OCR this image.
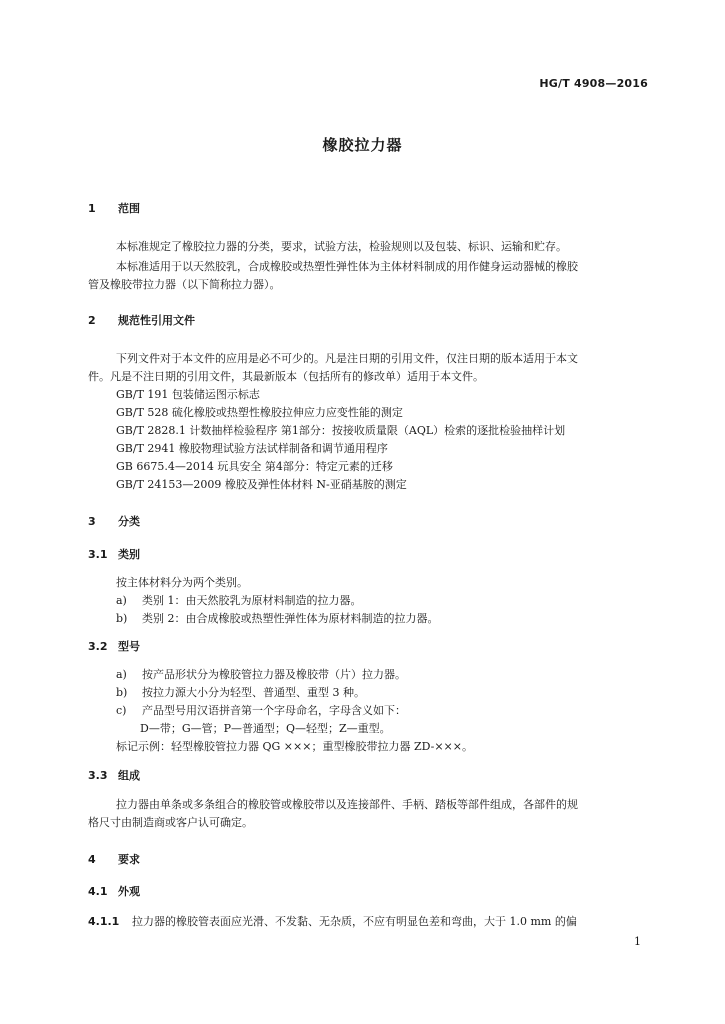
HG/T 4908—2016
橡胶拉力器
1 范围
本标准规定了橡胶拉力器的分类，要求，试验方法，检验规则以及包装、标识、运输和贮存。
本标准适用于以天然胶乳，合成橡胶或热塑性弹性体为主体材料制成的用作健身运动器械的橡胶
管及橡胶带拉力器（以下简称拉力器）。
2 规范性引用文件
下列文件对于本文件的应用是必不可少的。凡是注日期的引用文件，仅注日期的版本适用于本文
件。凡是不注日期的引用文件，其最新版本（包括所有的修改单）适用于本文件。
GB/T 191 包装储运图示标志
GB/T 528 硫化橡胶或热塑性橡胶拉伸应力应变性能的测定
GB/T 2828.1 计数抽样检验程序 第1部分：按接收质量限（AQL）检索的逐批检验抽样计划
GB/T 2941 橡胶物理试验方法试样制备和调节通用程序
GB 6675.4—2014 玩具安全 第4部分：特定元素的迁移
GB/T 24153—2009 橡胶及弹性体材料 N-亚硝基胺的测定
3 分类
3.1 类别
按主体材料分为两个类别。
a) 类别 1：由天然胶乳为原材料制造的拉力器。
b) 类别 2：由合成橡胶或热塑性弹性体为原材料制造的拉力器。
3.2 型号
a) 按产品形状分为橡胶管拉力器及橡胶带（片）拉力器。
b) 按拉力源大小分为轻型、普通型、重型 3 种。
c) 产品型号用汉语拼音第一个字母命名，字母含义如下：
D—带；G—管；P—普通型；Q—轻型；Z—重型。
标记示例：轻型橡胶管拉力器 QG ×××；重型橡胶带拉力器 ZD-×××。
3.3 组成
拉力器由单条或多条组合的橡胶管或橡胶带以及连接部件、手柄、踏板等部件组成，各部件的规
格尺寸由制造商或客户认可确定。
4 要求
4.1 外观
4.1.1 拉力器的橡胶管表面应光滑、不发黏、无杂质，不应有明显色差和弯曲，大于 1.0 mm 的偏
1
